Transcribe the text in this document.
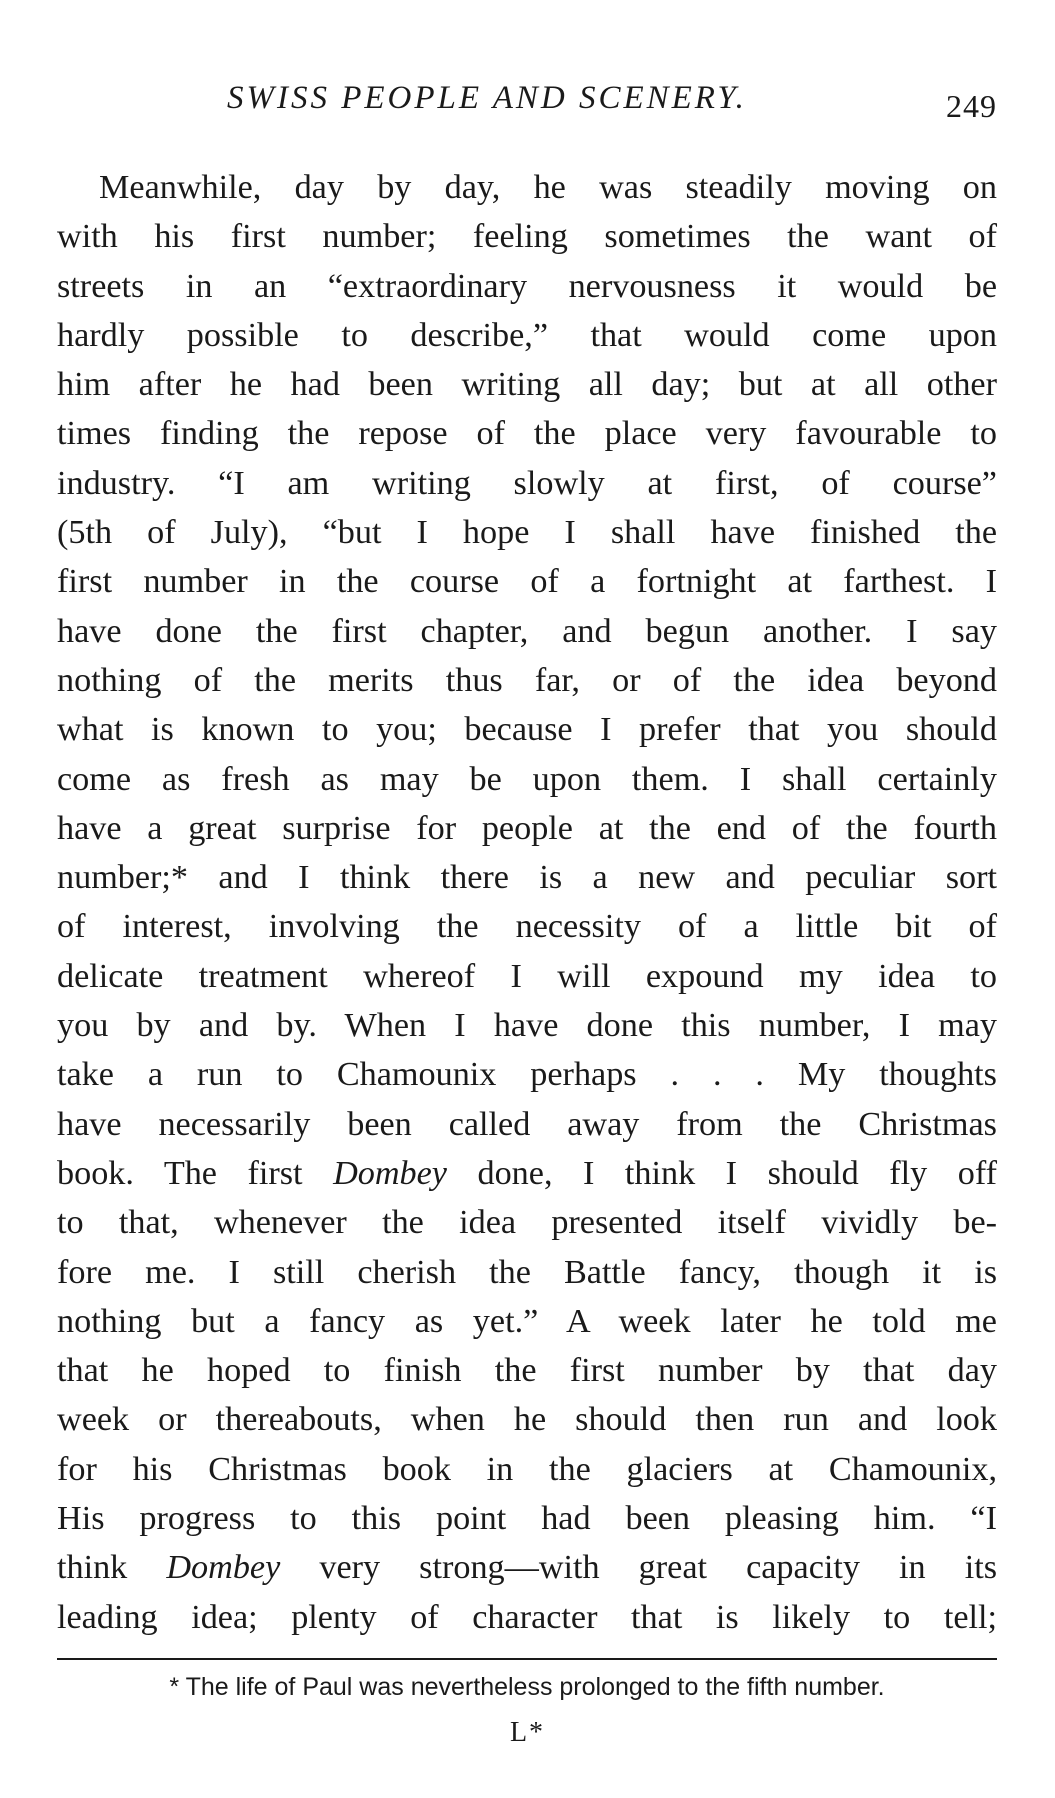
SWISS PEOPLE AND SCENERY.	249
Meanwhile, day by day, he was steadily moving on
with his first number; feeling sometimes the want of
streets in an “extraordinary nervousness it would be
hardly possible to describe,” that would come upon
him after he had been writing all day; but at all other
times finding the repose of the place very favourable to
industry. “I am writing slowly at first, of course”
(5th of July), “but I hope I shall have finished the
first number in the course of a fortnight at farthest. I
have done the first chapter, and begun another. I say
nothing of the merits thus far, or of the idea beyond
what is known to you; because I prefer that you should
come as fresh as may be upon them. I shall certainly
have a great surprise for people at the end of the fourth
number;* and I think there is a new and peculiar sort
of interest, involving the necessity of a little bit of
delicate treatment whereof I will expound my idea to
you by and by. When I have done this number, I may
take a run to Chamounix perhaps . . . My thoughts
have necessarily been called away from the Christmas
book. The first Dombey done, I think I should fly off
to that, whenever the idea presented itself vividly be-
fore me. I still cherish the Battle fancy, though it is
nothing but a fancy as yet.” A week later he told me
that he hoped to finish the first number by that day
week or thereabouts, when he should then run and look
for his Christmas book in the glaciers at Chamounix,
His progress to this point had been pleasing him. “I
think Dombey very strong—with great capacity in its
leading idea; plenty of character that is likely to tell;
* The life of Paul was nevertheless prolonged to the fifth number.
L*
